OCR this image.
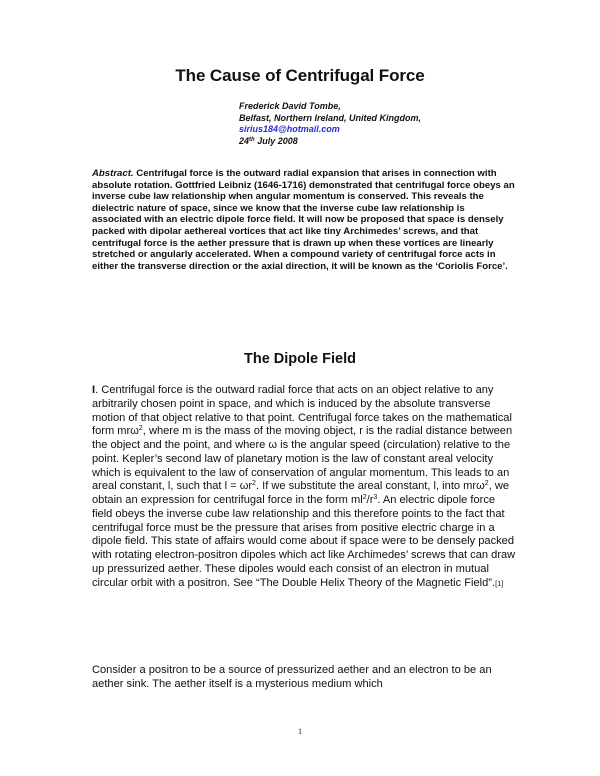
The Cause of Centrifugal Force
Frederick David Tombe,
Belfast, Northern Ireland, United Kingdom,
sirius184@hotmail.com
24th July 2008
Abstract. Centrifugal force is the outward radial expansion that arises in connection with absolute rotation. Gottfried Leibniz (1646-1716) demonstrated that centrifugal force obeys an inverse cube law relationship when angular momentum is conserved. This reveals the dielectric nature of space, since we know that the inverse cube law relationship is associated with an electric dipole force field. It will now be proposed that space is densely packed with dipolar aethereal vortices that act like tiny Archimedes’ screws, and that centrifugal force is the aether pressure that is drawn up when these vortices are linearly stretched or angularly accelerated. When a compound variety of centrifugal force acts in either the transverse direction or the axial direction, it will be known as the ‘Coriolis Force’.
The Dipole Field
I. Centrifugal force is the outward radial force that acts on an object relative to any arbitrarily chosen point in space, and which is induced by the absolute transverse motion of that object relative to that point. Centrifugal force takes on the mathematical form mrω$^2$, where m is the mass of the moving object, r is the radial distance between the object and the point, and where ω is the angular speed (circulation) relative to the point. Kepler’s second law of planetary motion is the law of constant areal velocity which is equivalent to the law of conservation of angular momentum. This leads to an areal constant, l, such that $l = \omega r^2$. If we substitute the areal constant, l, into mrω$^2$, we obtain an expression for centrifugal force in the form $ml^2/r^3$. An electric dipole force field obeys the inverse cube law relationship and this therefore points to the fact that centrifugal force must be the pressure that arises from positive electric charge in a dipole field. This state of affairs would come about if space were to be densely packed with rotating electron-positron dipoles which act like Archimedes’ screws that can draw up pressurized aether. These dipoles would each consist of an electron in mutual circular orbit with a positron. See “The Double Helix Theory of the Magnetic Field”.[1]
Consider a positron to be a source of pressurized aether and an electron to be an aether sink. The aether itself is a mysterious medium which
1
